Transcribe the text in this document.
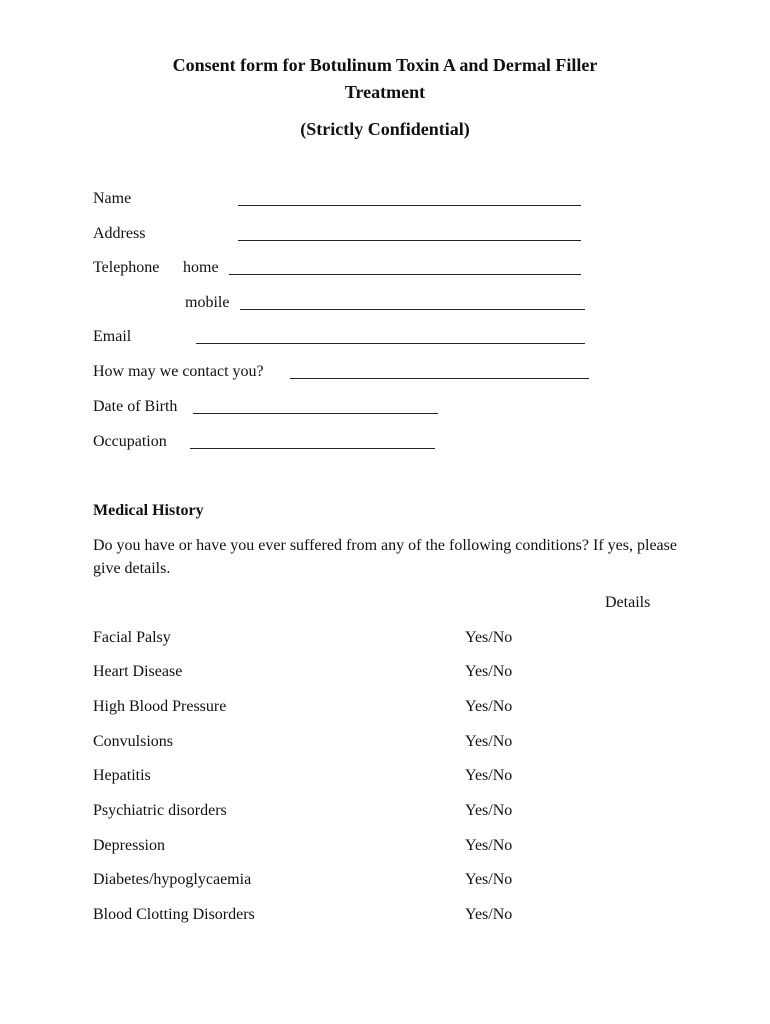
Consent form for Botulinum Toxin A and Dermal Filler
Treatment
(Strictly Confidential)
Name
Address
Telephone home
mobile
Email
How may we contact you?
Date of Birth
Occupation
Medical History
Do you have or have you ever suffered from any of the following conditions? If yes, please give details.
Details
Facial Palsy	Yes/No
Heart Disease	Yes/No
High Blood Pressure	Yes/No
Convulsions	Yes/No
Hepatitis	Yes/No
Psychiatric disorders	Yes/No
Depression	Yes/No
Diabetes/hypoglycaemia	Yes/No
Blood Clotting Disorders	Yes/No
